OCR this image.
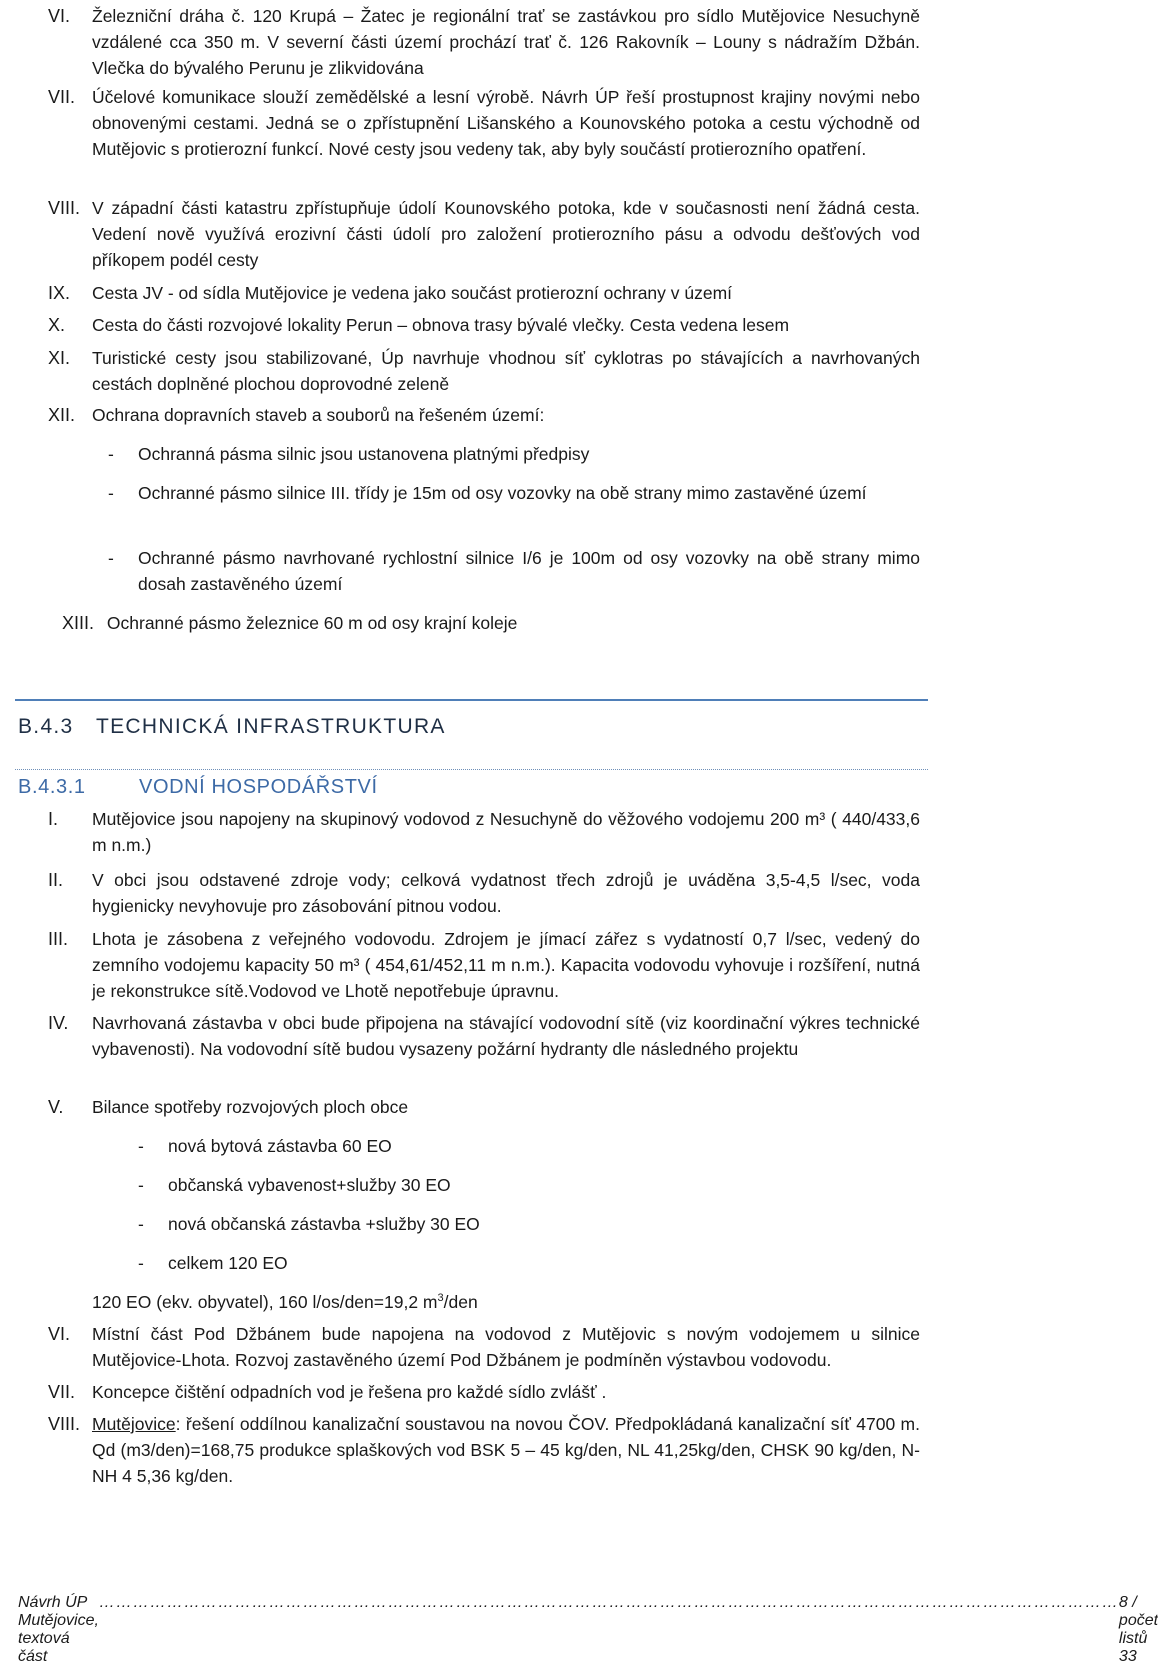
VI.	Železniční dráha č. 120 Krupá – Žatec je regionální trať se zastávkou pro sídlo Mutějovice Nesuchyně vzdálené cca 350 m. V severní části území prochází trať č. 126 Rakovník – Louny s nádražím Džbán. Vlečka do bývalého Perunu je zlikvidována
VII. Účelové komunikace slouží zemědělské a lesní výrobě. Návrh ÚP řeší prostupnost krajiny novými nebo obnovenými cestami. Jedná se o zpřístupnění Lišanského a Kounovského potoka a cestu východně od Mutějovic s protierozní funkcí. Nové cesty jsou vedeny tak, aby byly součástí protierozního opatření.
VIII. V západní části katastru zpřístupňuje údolí Kounovského potoka, kde v současnosti není žádná cesta. Vedení nově využívá erozivní části údolí pro založení protierozního pásu a odvodu dešťových vod příkopem podél cesty
IX.	Cesta JV - od sídla Mutějovice je vedena jako součást protierozní ochrany v území
X.	Cesta do části rozvojové lokality Perun – obnova trasy bývalé vlečky. Cesta vedena lesem
XI.	Turistické cesty jsou stabilizované, Úp navrhuje vhodnou síť cyklotras po stávajících a navrhovaných cestách doplněné plochou doprovodné zeleně
XII. Ochrana dopravních staveb a souborů na řešeném území:
- Ochranná pásma silnic jsou ustanovena platnými předpisy
- Ochranné pásmo silnice III. třídy je 15m od osy vozovky na obě strany mimo zastavěné území
- Ochranné pásmo navrhované rychlostní silnice I/6 je 100m od osy vozovky na obě strany mimo dosah zastavěného území
XIII. Ochranné pásmo železnice 60 m od osy krajní koleje
B.4.3 TECHNICKÁ INFRASTRUKTURA
B.4.3.1	VODNÍ HOSPODÁŘSTVÍ
I.	Mutějovice jsou napojeny na skupinový vodovod z Nesuchyně do věžového vodojemu 200 m³ ( 440/433,6 m n.m.)
II.	V obci jsou odstavené zdroje vody; celková vydatnost třech zdrojů je uváděna 3,5-4,5 l/sec, voda hygienicky nevyhovuje pro zásobování pitnou vodou.
III.	Lhota je zásobena z veřejného vodovodu. Zdrojem je jímací zářez s vydatností 0,7 l/sec, vedený do zemního vodojemu kapacity 50 m³ ( 454,61/452,11 m n.m.). Kapacita vodovodu vyhovuje i rozšíření, nutná je rekonstrukce sítě.Vodovod ve Lhotě nepotřebuje úpravnu.
IV.	Navrhovaná zástavba v obci bude připojena na stávající vodovodní sítě (viz koordinační výkres technické vybavenosti). Na vodovodní sítě budou vysazeny požární hydranty dle následného projektu
V.	Bilance spotřeby rozvojových ploch obce
- nová bytová zástavba 60 EO
- občanská vybavenost+služby 30 EO
- nová občanská zástavba +služby 30 EO
- celkem 120 EO
120 EO (ekv. obyvatel), 160 l/os/den=19,2 $m^3$/den
VI.	Místní část Pod Džbánem bude napojena na vodovod z Mutějovic s novým vodojemem u silnice Mutějovice-Lhota. Rozvoj zastavěného území Pod Džbánem je podmíněn výstavbou vodovodu.
VII. Koncepce čištění odpadních vod je řešena pro každé sídlo zvlášť .
VIII. Mutějovice: řešení oddílnou kanalizační soustavou na novou ČOV. Předpokládaná kanalizační síť 4700 m. Qd (m3/den)=168,75 produkce splaškových vod BSK 5 – 45 kg/den, NL 41,25kg/den, CHSK 90 kg/den, N-NH 4 5,36 kg/den.
Návrh ÚP Mutějovice, textová část
……………………………………………………………………………………………………………………………………………………………… 8 / počet listů 33
